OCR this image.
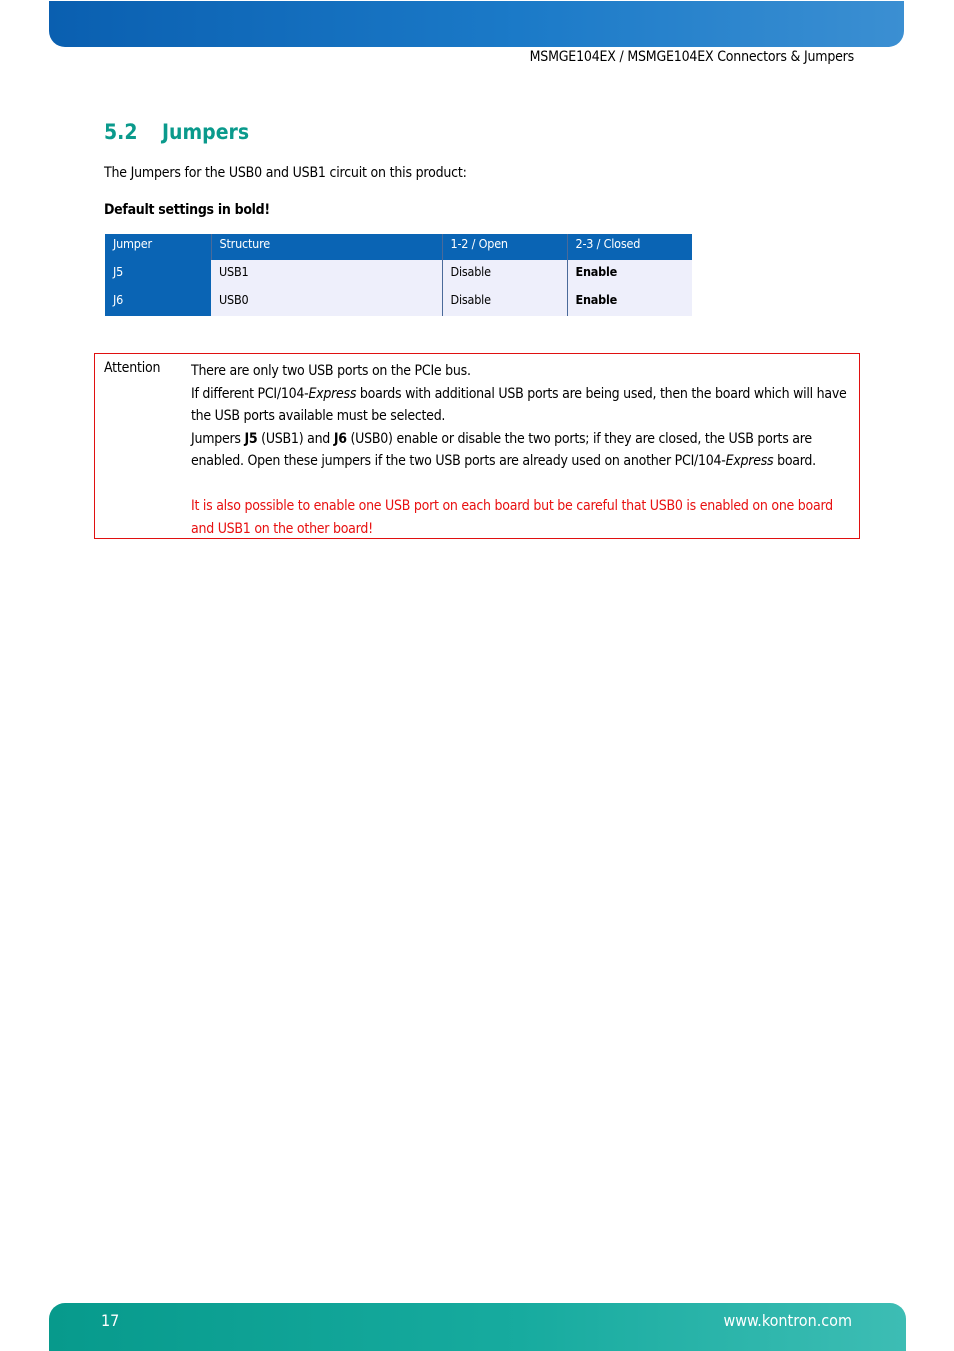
MSMGE104EX / MSMGE104EX Connectors & Jumpers
5.2 Jumpers
The Jumpers for the USB0 and USB1 circuit on this product:
Default settings in bold!
Jumper	Structure	1-2 / Open	2-3 / Closed
J5	USB1	Disable	Enable
J6	USB0	Disable	Enable
Attention There are only two USB ports on the PCIe bus.

If different PCI/104-Express boards with additional USB ports are being used, then the board which will have the USB ports available must be selected.

Jumpers J5 (USB1) and J6 (USB0) enable or disable the two ports; if they are closed, the USB ports are enabled. Open these jumpers if the two USB ports are already used on another PCI/104-Express board.

It is also possible to enable one USB port on each board but be careful that USB0 is enabled on one board and USB1 on the other board!

17	www.kontron.com
